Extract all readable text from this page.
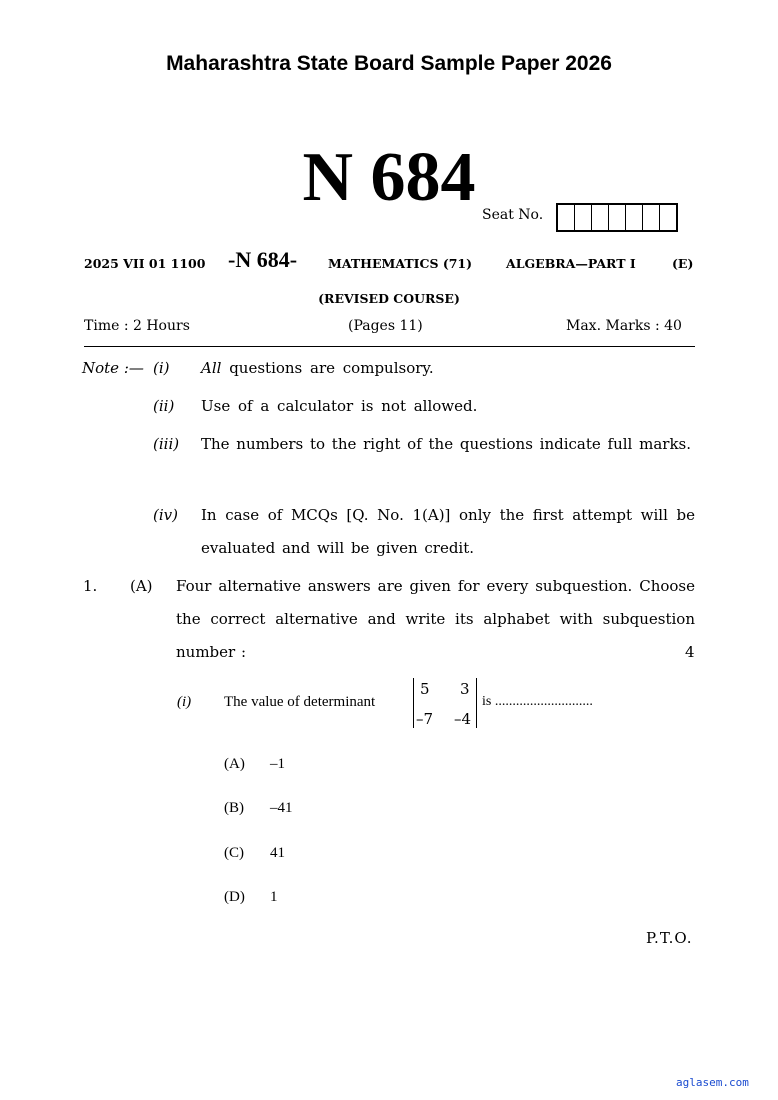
Maharashtra State Board Sample Paper 2026
N 684 Seat No.
2025 VII 01 1100 -N 684- MATHEMATICS (71)	ALGEBRA—PART I	(E)
(REVISED COURSE)
Time : 2 Hours	(Pages 11)	Max. Marks : 40
Note :— (i) All questions are compulsory.
(ii) Use of a calculator is not allowed.
(iii) The numbers to the right of the questions indicate full marks.
(iv) In case of MCQs [Q. No. 1(A)] only the first attempt will be evaluated and will be given credit.
1. (A) Four alternative answers are given for every subquestion. Choose the correct alternative and write its alphabet with subquestion number :	4
(i) The value of determinant
5 3
–7 –4
is ............................
(A) –1
(B) –41
(C) 41
(D) 1
P.T.O.
aglasem.com
